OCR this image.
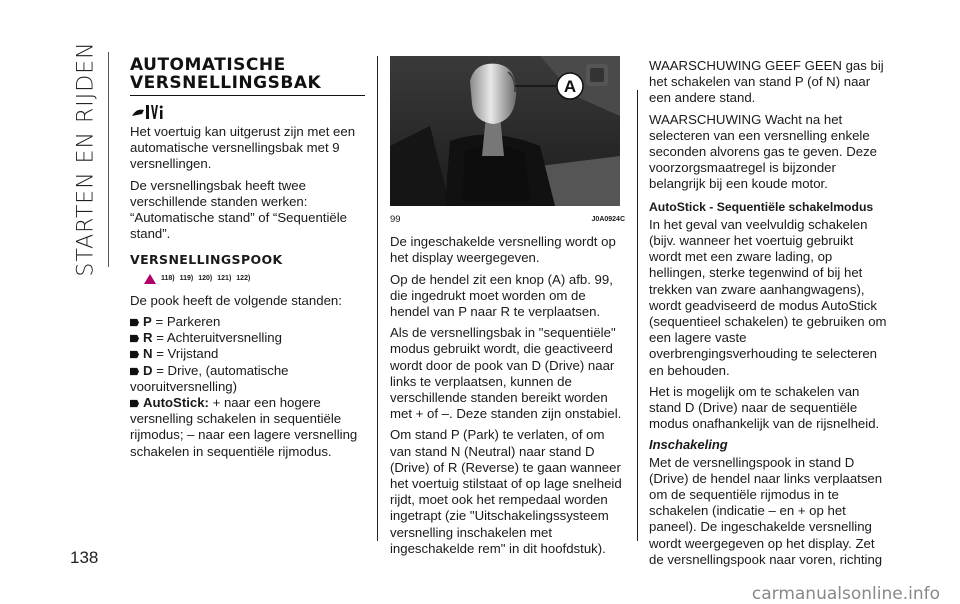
STARTEN EN RIJDEN
138
AUTOMATISCHE VERSNELLINGSBAK

Het voertuig kan uitgerust zijn met een automatische versnellingsbak met 9 versnellingen.

De versnellingsbak heeft twee verschillende standen werken: “Automatische stand” of “Sequentiële stand”.

VERSNELLINGSPOOK
118) 119) 120) 121) 122)

De pook heeft de volgende standen:

P = Parkeren
R = Achteruitversnelling
N = Vrijstand
D = Drive, (automatische vooruitversnelling)
AutoStick: + naar een hogere versnelling schakelen in sequentiële rijmodus; – naar een lagere versnelling schakelen in sequentiële rijmodus.
A
99	J0A0924C

De ingeschakelde versnelling wordt op het display weergegeven.

Op de hendel zit een knop (A) afb. 99, die ingedrukt moet worden om de hendel van P naar R te verplaatsen.

Als de versnellingsbak in "sequentiële" modus gebruikt wordt, die geactiveerd wordt door de pook van D (Drive) naar links te verplaatsen, kunnen de verschillende standen bereikt worden met + of –. Deze standen zijn onstabiel.

Om stand P (Park) te verlaten, of om van stand N (Neutral) naar stand D (Drive) of R (Reverse) te gaan wanneer het voertuig stilstaat of op lage snelheid rijdt, moet ook het rempedaal worden ingetrapt (zie "Uitschakelingssysteem versnelling inschakelen met ingeschakelde rem" in dit hoofdstuk).

WAARSCHUWING GEEF GEEN gas bij het schakelen van stand P (of N) naar een andere stand.

WAARSCHUWING Wacht na het selecteren van een versnelling enkele seconden alvorens gas te geven. Deze voorzorgsmaatregel is bijzonder belangrijk bij een koude motor.

AutoStick - Sequentiële schakelmodus

In het geval van veelvuldig schakelen (bijv. wanneer het voertuig gebruikt wordt met een zware lading, op hellingen, sterke tegenwind of bij het trekken van zware aanhangwagens), wordt geadviseerd de modus AutoStick (sequentieel schakelen) te gebruiken om een lagere vaste overbrengingsverhouding te selecteren en behouden.

Het is mogelijk om te schakelen van stand D (Drive) naar de sequentiële modus onafhankelijk van de rijsnelheid.

Inschakeling

Met de versnellingspook in stand D (Drive) de hendel naar links verplaatsen om de sequentiële rijmodus in te schakelen (indicatie – en + op het paneel). De ingeschakelde versnelling wordt weergegeven op het display. Zet de versnellingspook naar voren, richting

carmanualsonline.info
